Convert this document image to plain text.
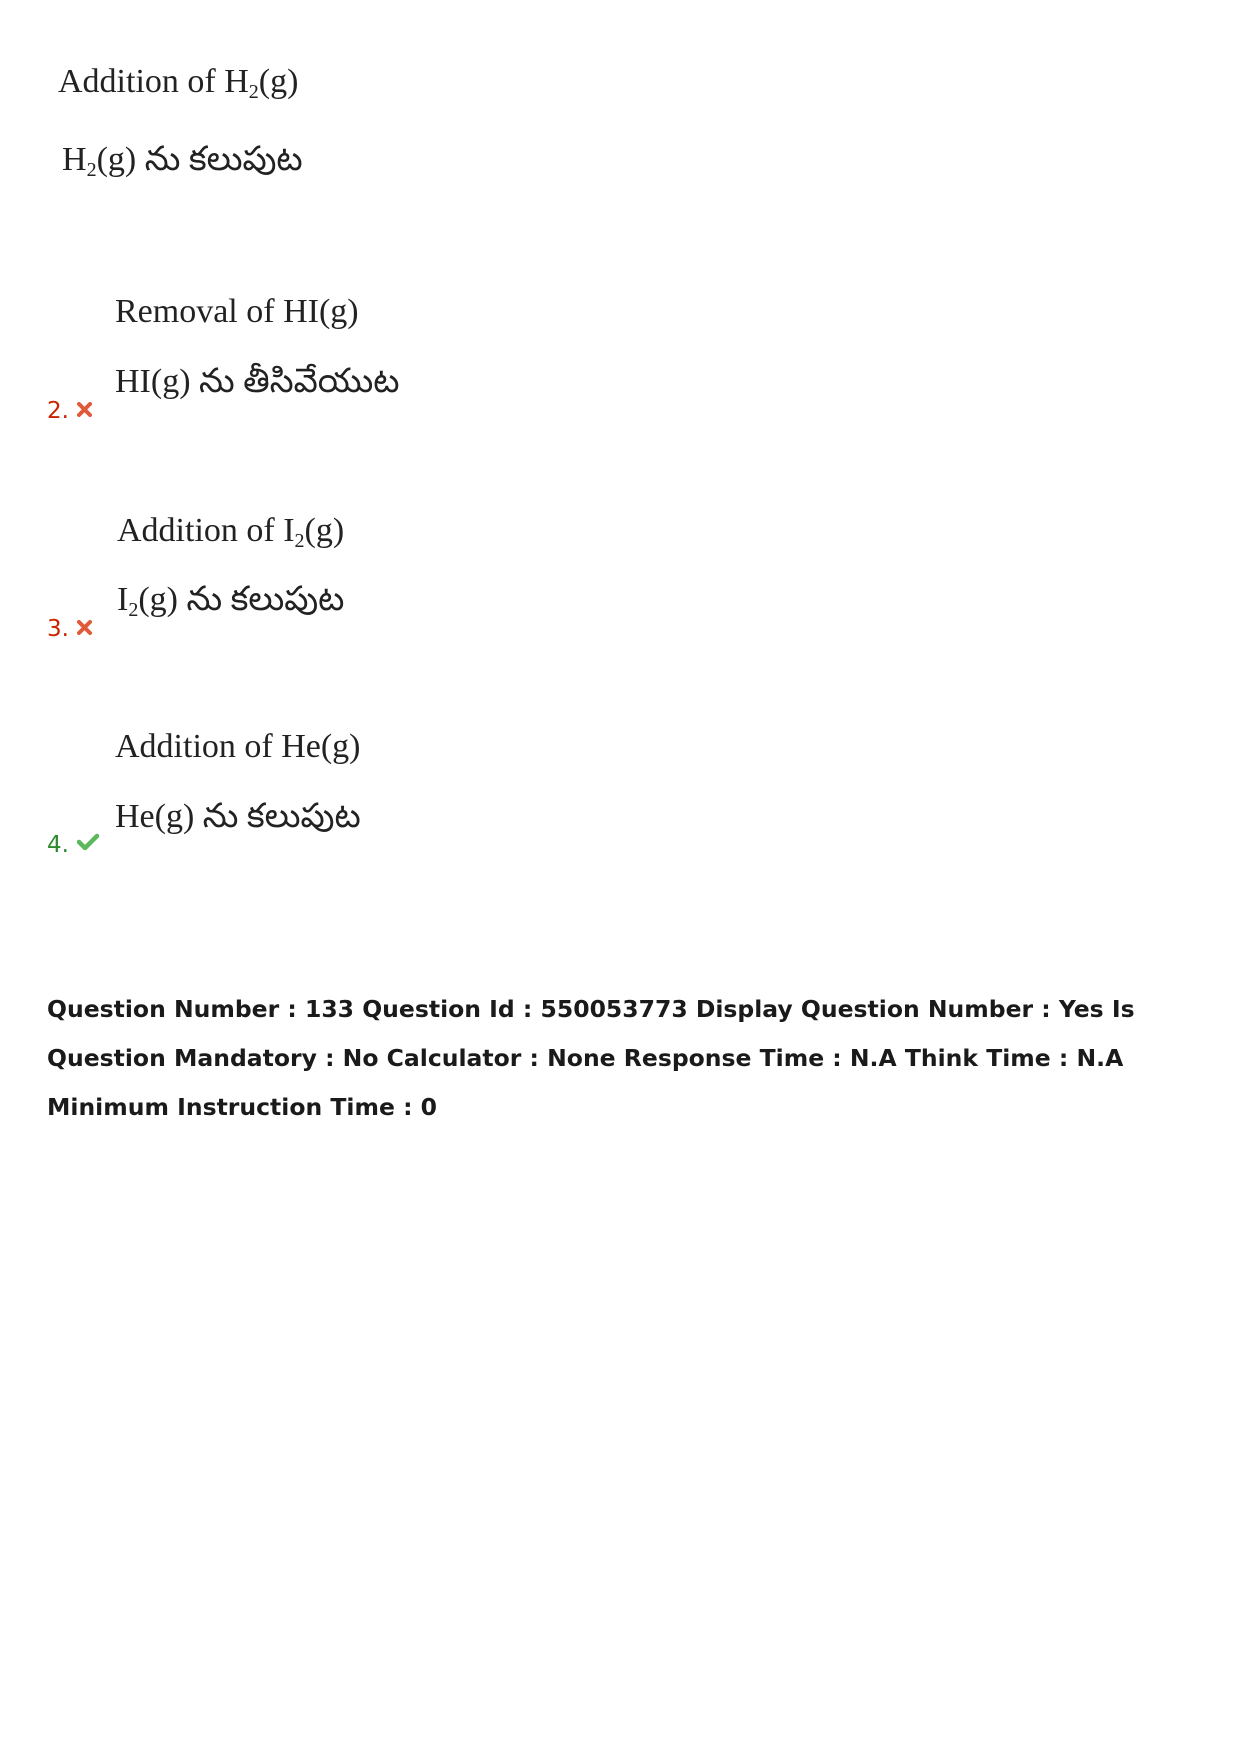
Addition of $H_2(g)$
$H_2(g)$ ను కలుపుట
Removal of HI(g)
HI(g) ను తీసివేయుట
2.
Addition of $I_2(g)$
$I_2(g)$ ను కలుపుట
3.
Addition of He(g)
He(g) ను కలుపుట
4.
Question Number : 133 Question Id : 550053773 Display Question Number : Yes Is Question Mandatory : No Calculator : None Response Time : N.A Think Time : N.A Minimum Instruction Time : 0
